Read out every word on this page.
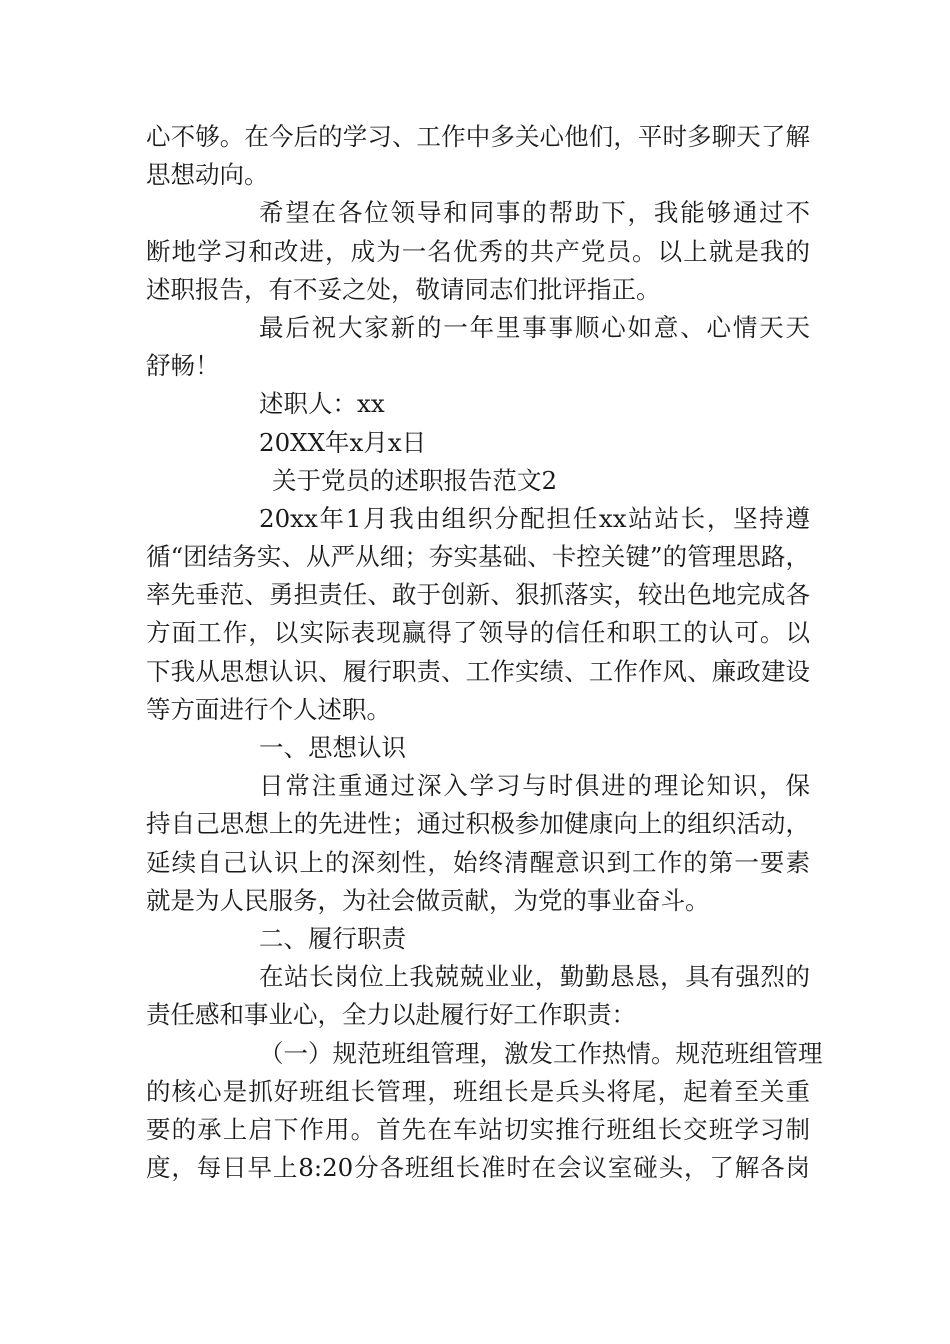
心不够。在今后的学习、工作中多关心他们，平时多聊天了解
思想动向。
希望在各位领导和同事的帮助下，我能够通过不
断地学习和改进，成为一名优秀的共产党员。以上就是我的
述职报告，有不妥之处，敬请同志们批评指正。
最后祝大家新的一年里事事顺心如意、心情天天
舒畅！
述职人：xx
20XX年x月x日
关于党员的述职报告范文2
20xx年1月我由组织分配担任xx站站长，坚持遵
循“团结务实、从严从细；夯实基础、卡控关键”的管理思路，
率先垂范、勇担责任、敢于创新、狠抓落实，较出色地完成各
方面工作，以实际表现赢得了领导的信任和职工的认可。以
下我从思想认识、履行职责、工作实绩、工作作风、廉政建设
等方面进行个人述职。
一、思想认识
日常注重通过深入学习与时俱进的理论知识，保
持自己思想上的先进性；通过积极参加健康向上的组织活动，
延续自己认识上的深刻性，始终清醒意识到工作的第一要素
就是为人民服务，为社会做贡献，为党的事业奋斗。
二、履行职责
在站长岗位上我兢兢业业，勤勤恳恳，具有强烈的
责任感和事业心，全力以赴履行好工作职责：
（一）规范班组管理，激发工作热情。规范班组管理
的核心是抓好班组长管理，班组长是兵头将尾，起着至关重
要的承上启下作用。首先在车站切实推行班组长交班学习制
度，每日早上8:20分各班组长准时在会议室碰头，了解各岗
